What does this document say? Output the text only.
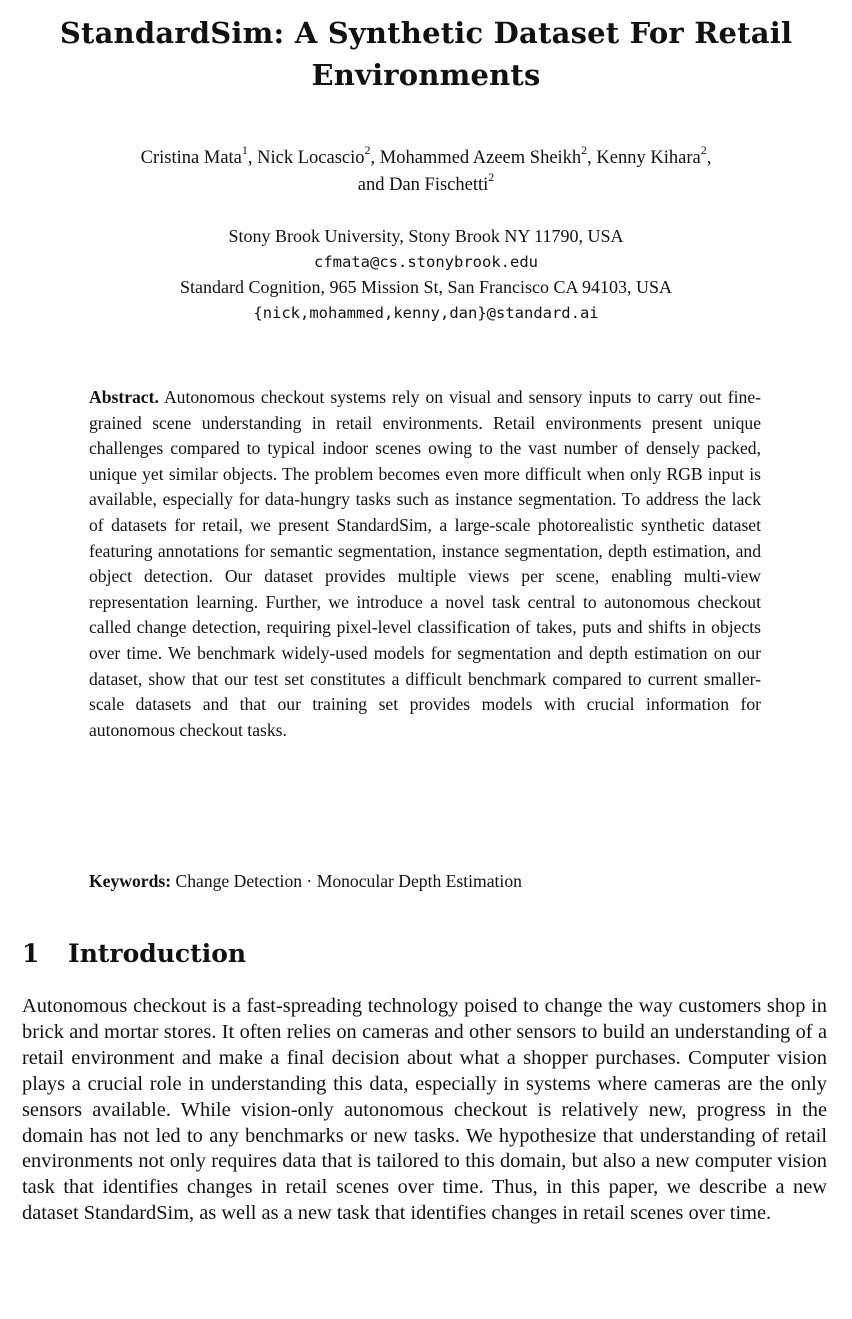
StandardSim: A Synthetic Dataset For Retail Environments
Cristina Mata$^1$, Nick Locascio$^2$, Mohammed Azeem Sheikh$^2$, Kenny Kihara$^2$,
and Dan Fischetti$^2$
Stony Brook University, Stony Brook NY 11790, USA
cfmata@cs.stonybrook.edu
Standard Cognition, 965 Mission St, San Francisco CA 94103, USA
{nick,mohammed,kenny,dan}@standard.ai
Abstract. Autonomous checkout systems rely on visual and sensory inputs to carry out fine-grained scene understanding in retail environments. Retail environments present unique challenges compared to typical indoor scenes owing to the vast number of densely packed, unique yet similar objects. The problem becomes even more difficult when only RGB input is available, especially for data-hungry tasks such as instance segmentation. To address the lack of datasets for retail, we present StandardSim, a large-scale photorealistic synthetic dataset featuring annotations for semantic segmentation, instance segmentation, depth estimation, and object detection. Our dataset provides multiple views per scene, enabling multi-view representation learning. Further, we introduce a novel task central to autonomous checkout called change detection, requiring pixel-level classification of takes, puts and shifts in objects over time. We benchmark widely-used models for segmentation and depth estimation on our dataset, show that our test set constitutes a difficult benchmark compared to current smaller-scale datasets and that our training set provides models with crucial information for autonomous checkout tasks.
Keywords: Change Detection · Monocular Depth Estimation
1 Introduction
Autonomous checkout is a fast-spreading technology poised to change the way customers shop in brick and mortar stores. It often relies on cameras and other sensors to build an understanding of a retail environment and make a final decision about what a shopper purchases. Computer vision plays a crucial role in understanding this data, especially in systems where cameras are the only sensors available. While vision-only autonomous checkout is relatively new, progress in the domain has not led to any benchmarks or new tasks. We hypothesize that understanding of retail environments not only requires data that is tailored to this domain, but also a new computer vision task that identifies changes in retail scenes over time. Thus, in this paper, we describe a new dataset StandardSim, as well as a new task that identifies changes in retail scenes over time.
